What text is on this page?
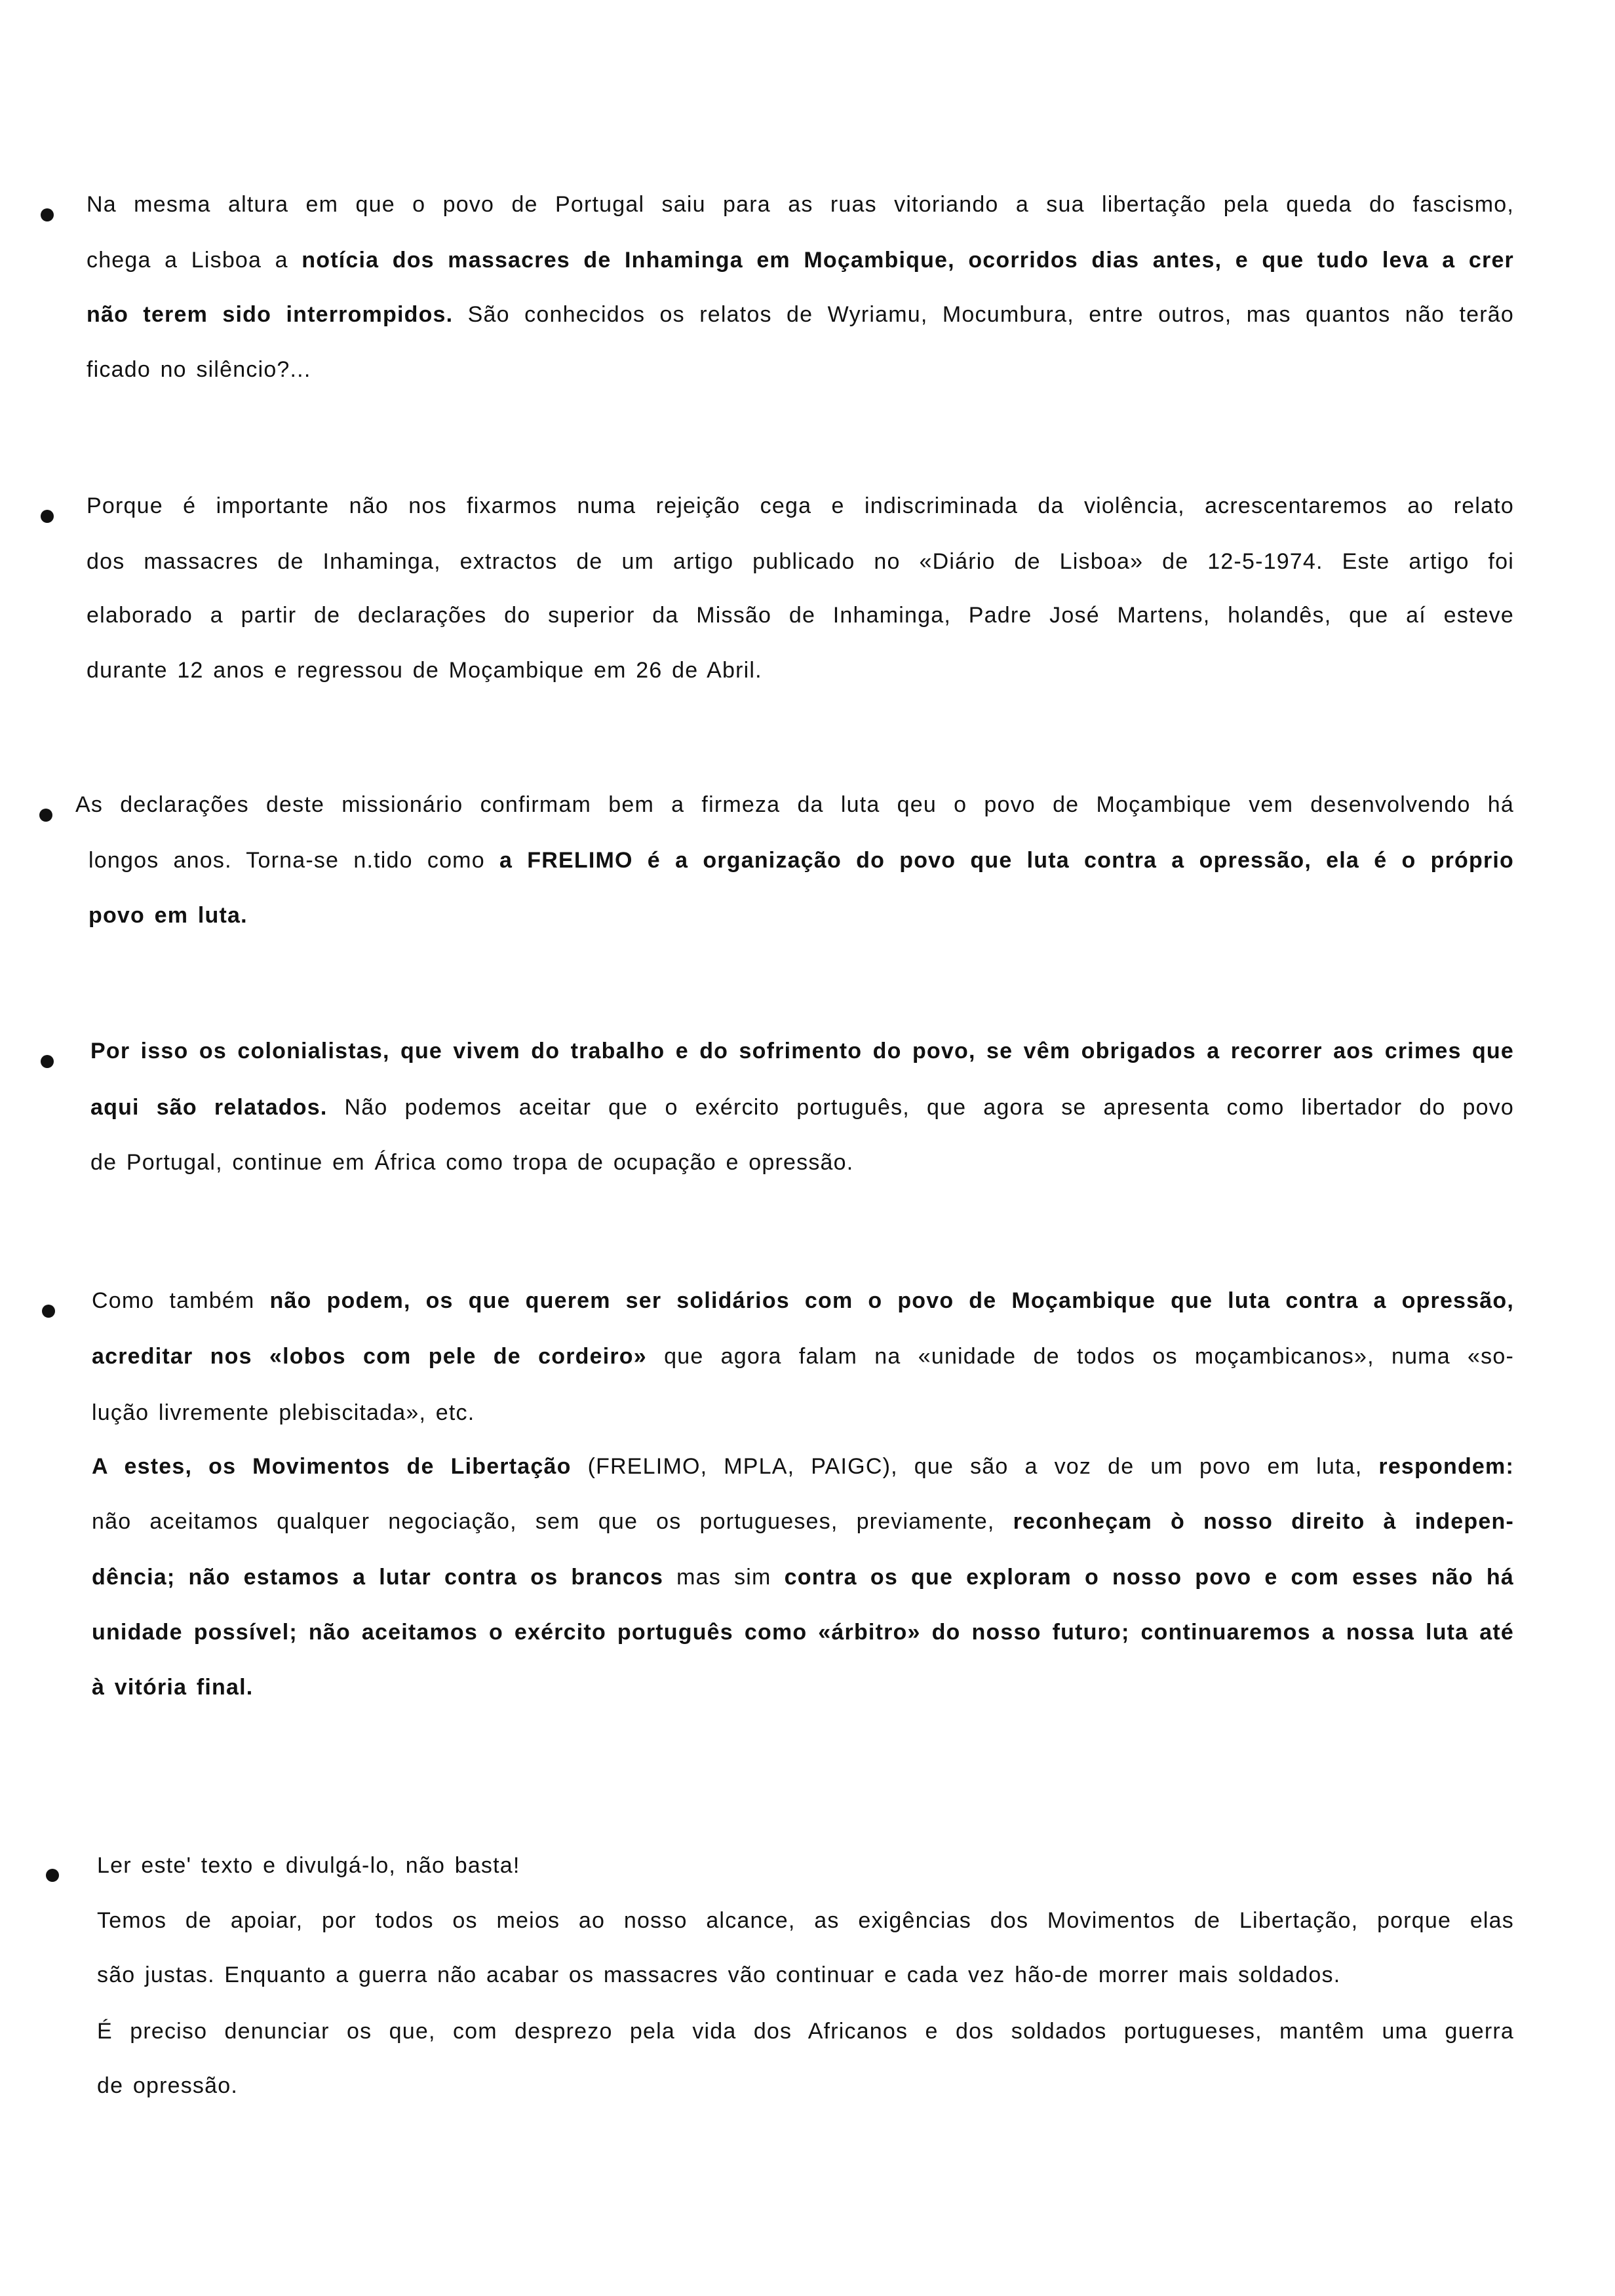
Na mesma altura em que o povo de Portugal saiu para as ruas vitoriando a sua libertação pela queda do fascismo,
chega a Lisboa a notícia dos massacres de Inhaminga em Moçambique, ocorridos dias antes, e que tudo leva a crer
não terem sido interrompidos. São conhecidos os relatos de Wyriamu, Mocumbura, entre outros, mas quantos não terão
ficado no silêncio?...
Porque é importante não nos fixarmos numa rejeição cega e indiscriminada da violência, acrescentaremos ao relato
dos massacres de Inhaminga, extractos de um artigo publicado no «Diário de Lisboa» de 12-5-1974. Este artigo foi
elaborado a partir de declarações do superior da Missão de Inhaminga, Padre José Martens, holandês, que aí esteve
durante 12 anos e regressou de Moçambique em 26 de Abril.
As declarações deste missionário confirmam bem a firmeza da luta qeu o povo de Moçambique vem desenvolvendo há
longos anos. Torna-se n.tido como a FRELIMO é a organização do povo que luta contra a opressão, ela é o próprio
povo em luta.
Por isso os colonialistas, que vivem do trabalho e do sofrimento do povo, se vêm obrigados a recorrer aos crimes que
aqui são relatados. Não podemos aceitar que o exército português, que agora se apresenta como libertador do povo
de Portugal, continue em África como tropa de ocupação e opressão.
Como também não podem, os que querem ser solidários com o povo de Moçambique que luta contra a opressão,
acreditar nos «lobos com pele de cordeiro» que agora falam na «unidade de todos os moçambicanos», numa «so-
lução livremente plebiscitada», etc.
A estes, os Movimentos de Libertação (FRELIMO, MPLA, PAIGC), que são a voz de um povo em luta, respondem:
não aceitamos qualquer negociação, sem que os portugueses, previamente, reconheçam ò nosso direito à indepen-
dência; não estamos a lutar contra os brancos mas sim contra os que exploram o nosso povo e com esses não há
unidade possível; não aceitamos o exército português como «árbitro» do nosso futuro; continuaremos a nossa luta até
à vitória final.
Ler este' texto e divulgá-lo, não basta!
Temos de apoiar, por todos os meios ao nosso alcance, as exigências dos Movimentos de Libertação, porque elas
são justas. Enquanto a guerra não acabar os massacres vão continuar e cada vez hão-de morrer mais soldados.
É preciso denunciar os que, com desprezo pela vida dos Africanos e dos soldados portugueses, mantêm uma guerra
de opressão.
